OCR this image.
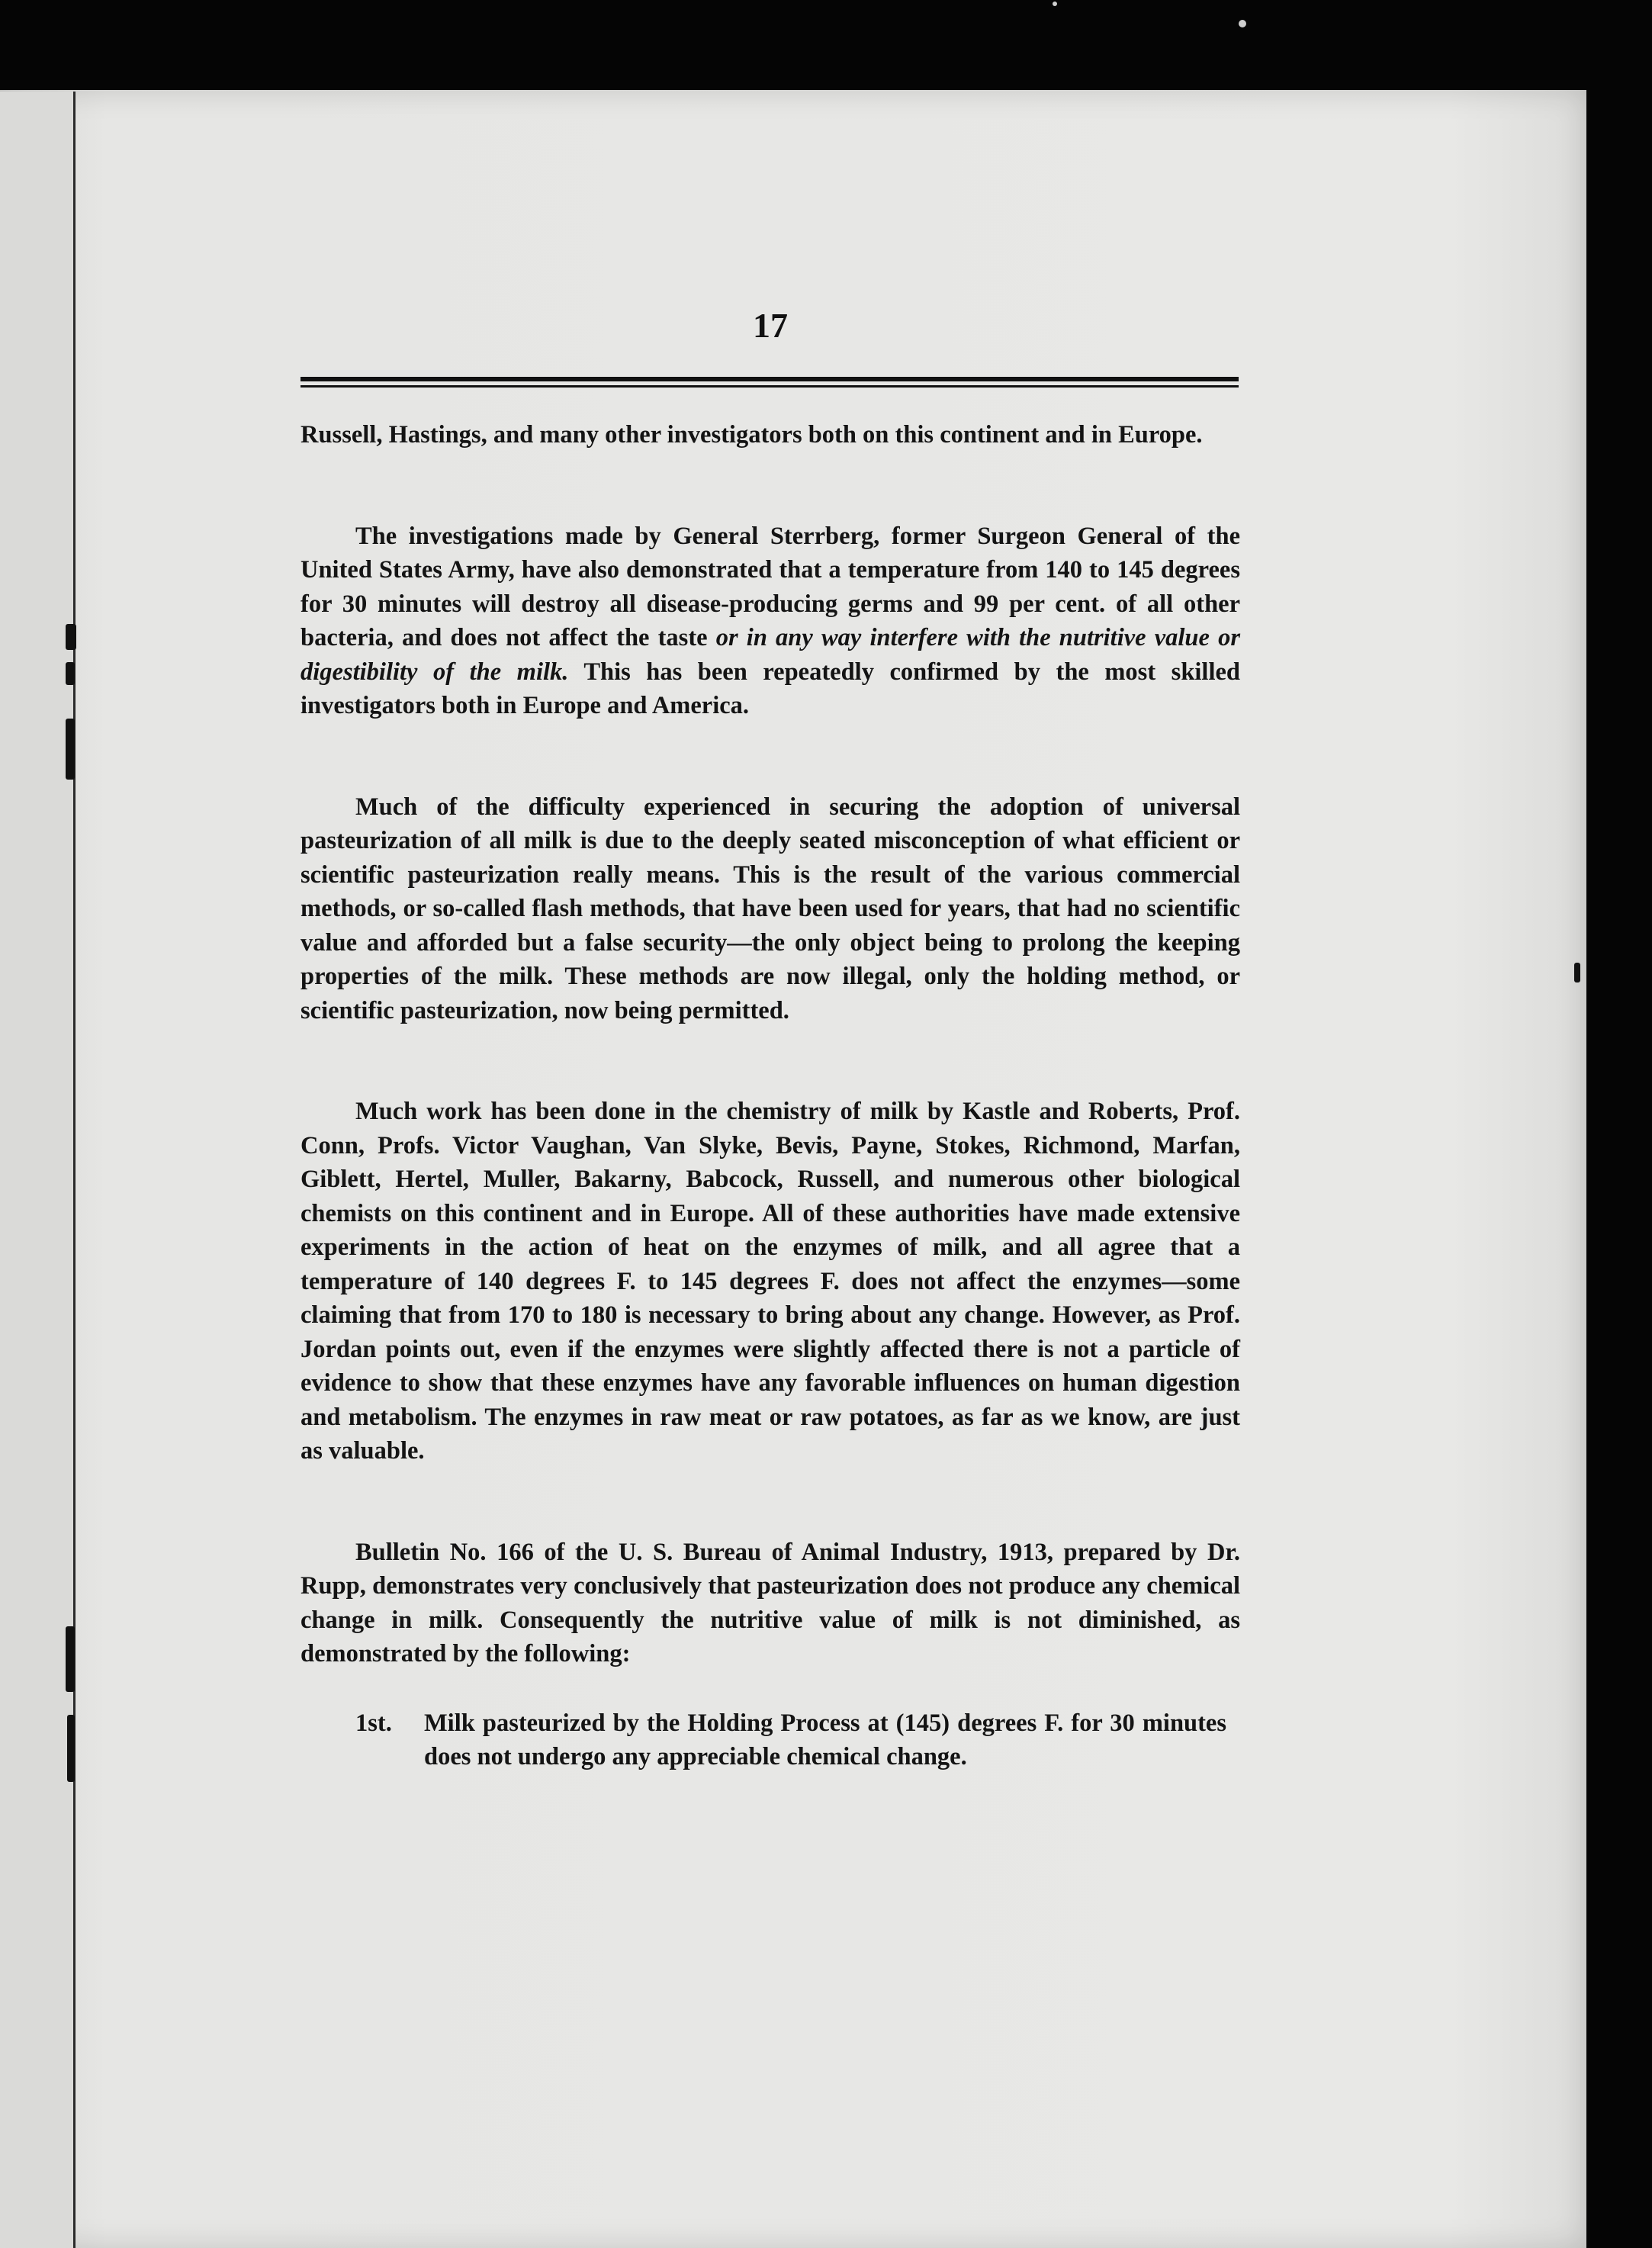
17

Russell, Hastings, and many other investigators both on this continent and in Europe.

The investigations made by General Sterrberg, former Surgeon General of the United States Army, have also demonstrated that a temperature from 140 to 145 degrees for 30 minutes will destroy all disease-producing germs and 99 per cent. of all other bacteria, and does not affect the taste or in any way interfere with the nutritive value or digestibility of the milk. This has been repeatedly confirmed by the most skilled investigators both in Europe and America.

Much of the difficulty experienced in securing the adoption of universal pasteurization of all milk is due to the deeply seated misconception of what efficient or scientific pasteurization really means. This is the result of the various commercial methods, or so-called flash methods, that have been used for years, that had no scientific value and afforded but a false security—the only object being to prolong the keeping properties of the milk. These methods are now illegal, only the holding method, or scientific pasteurization, now being permitted.

Much work has been done in the chemistry of milk by Kastle and Roberts, Prof. Conn, Profs. Victor Vaughan, Van Slyke, Bevis, Payne, Stokes, Richmond, Marfan, Giblett, Hertel, Muller, Bakarny, Babcock, Russell, and numerous other biological chemists on this continent and in Europe. All of these authorities have made extensive experiments in the action of heat on the enzymes of milk, and all agree that a temperature of 140 degrees F. to 145 degrees F. does not affect the enzymes—some claiming that from 170 to 180 is necessary to bring about any change. However, as Prof. Jordan points out, even if the enzymes were slightly affected there is not a particle of evidence to show that these enzymes have any favorable influences on human digestion and metabolism. The enzymes in raw meat or raw potatoes, as far as we know, are just as valuable.

Bulletin No. 166 of the U. S. Bureau of Animal Industry, 1913, prepared by Dr. Rupp, demonstrates very conclusively that pasteurization does not produce any chemical change in milk. Consequently the nutritive value of milk is not diminished, as demonstrated by the following:

1st. Milk pasteurized by the Holding Process at (145) degrees F. for 30 minutes does not undergo any appreciable chemical change.
